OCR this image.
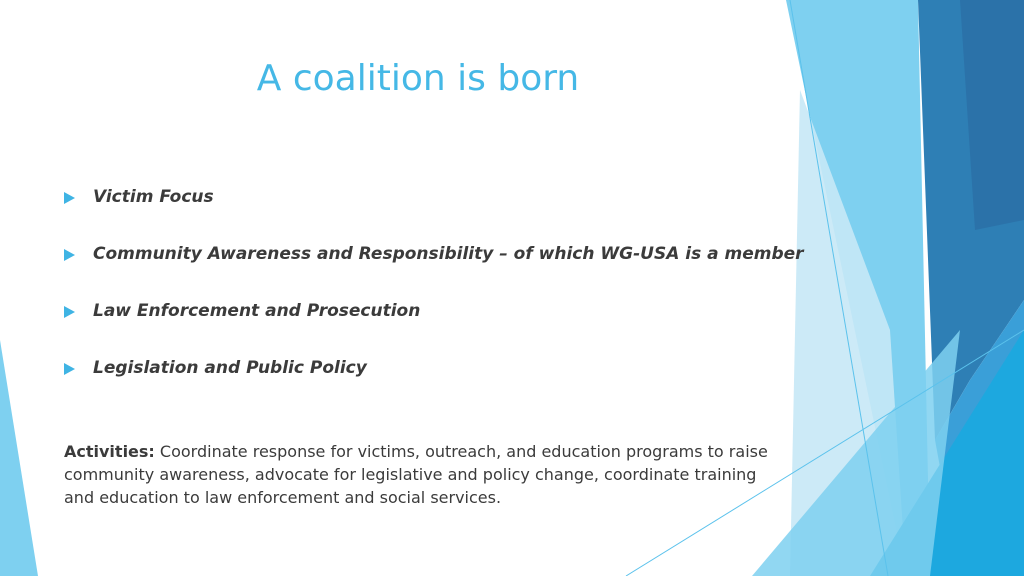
A coalition is born
Victim Focus
Community Awareness and Responsibility – of which WG-USA is a member
Law Enforcement and Prosecution
Legislation and Public Policy

Activities: Coordinate response for victims, outreach, and education programs to raise community awareness, advocate for legislative and policy change, coordinate training and education to law enforcement and social services.
